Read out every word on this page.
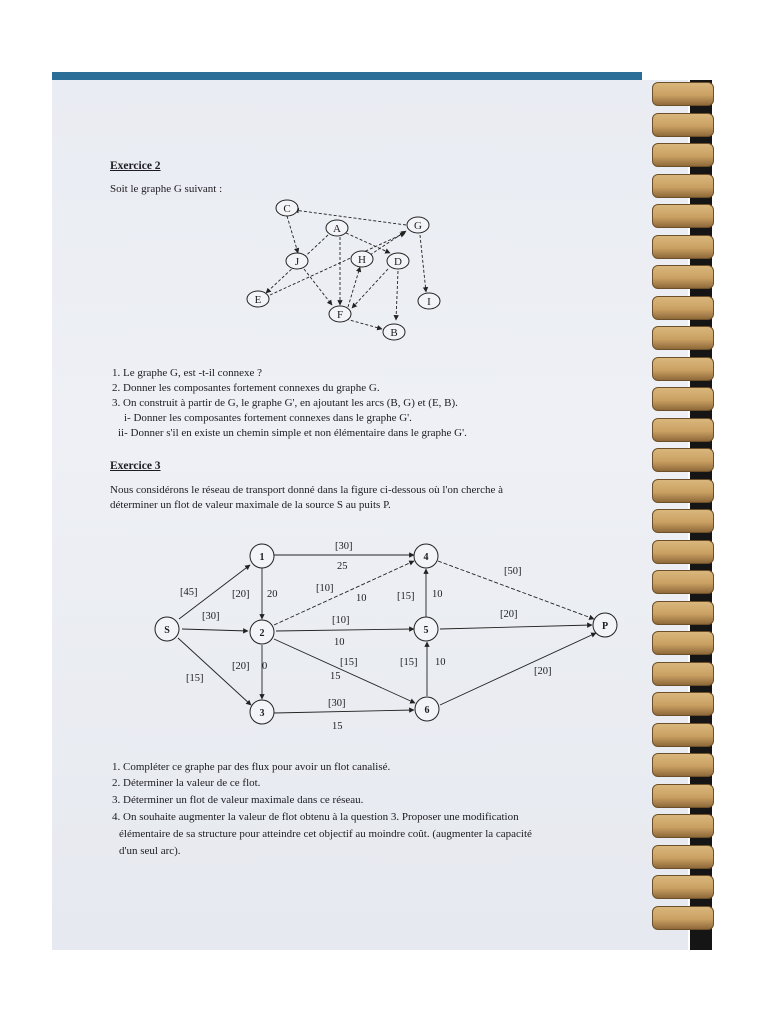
Exercice 2
Soit le graphe G suivant :
C
A	G
J	H	D
E	I
F
B
1. Le graphe G, est -t-il connexe ?
2. Donner les composantes fortement connexes du graphe G.
3. On construit à partir de G, le graphe G', en ajoutant les arcs (B, G) et (E, B).
i- Donner les composantes fortement connexes dans le graphe G'.
ii- Donner s'il en existe un chemin simple et non élémentaire dans le graphe G'.
Exercice 3
Nous considérons le réseau de transport donné dans la figure ci-dessous où l'on cherche à
déterminer un flot de valeur maximale de la source S au puits P.
S
1
2
3
4
5
6
P
[30]
25
[45]	[20] 20
[30]
[10]
10	[15] 10
[50]
[10]
10
[20]
[20] 0	[15]
15
[15] 10
[15]
[20]
[30]
15
1. Compléter ce graphe par des flux pour avoir un flot canalisé.
2. Déterminer la valeur de ce flot.
3. Déterminer un flot de valeur maximale dans ce réseau.
4. On souhaite augmenter la valeur de flot obtenu à la question 3. Proposer une modification
élémentaire de sa structure pour atteindre cet objectif au moindre coût. (augmenter la capacité
d'un seul arc).
